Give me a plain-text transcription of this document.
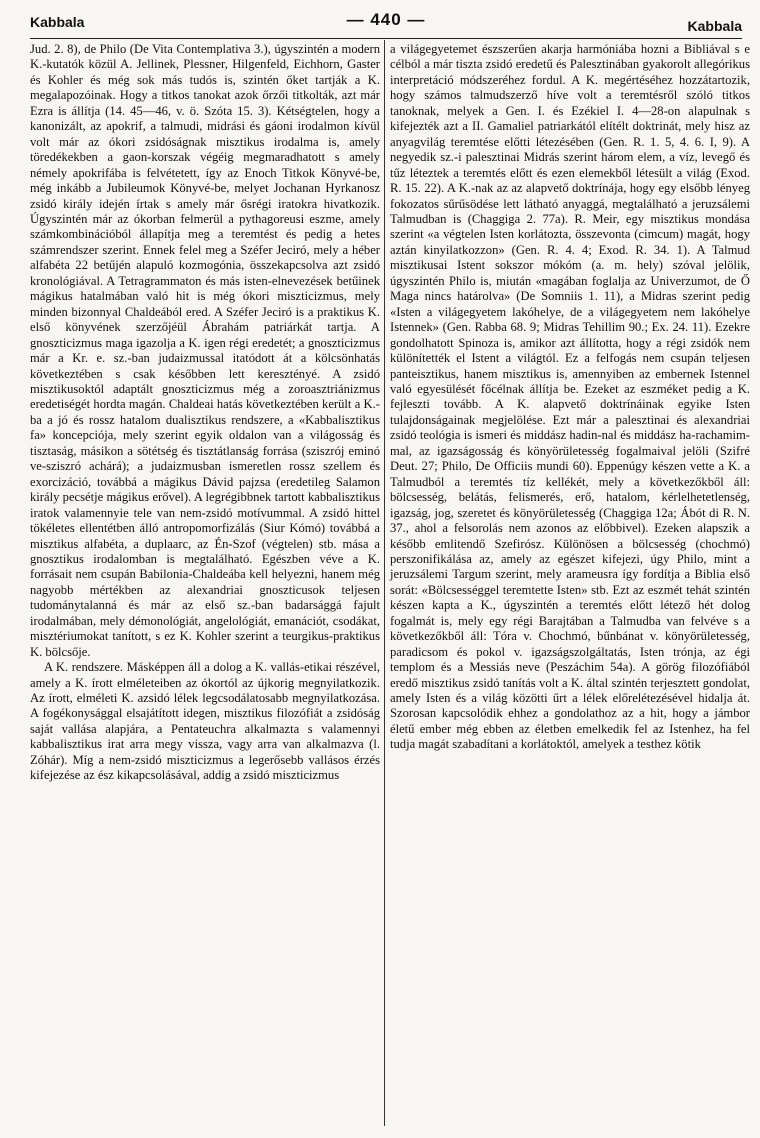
Kabbala	— 440 —	Kabbala

Jud. 2. 8), de Philo (De Vita Contemplativa 3.), úgyszintén a modern K.-kutatók közül A. Jellinek, Plessner, Hilgenfeld, Eichhorn, Gaster és Kohler és még sok más tudós is, szintén őket tartják a K. megalapozóinak. Hogy a titkos tanokat azok őrzői titkolták, azt már Ezra is állítja (14. 45—46, v. ö. Szóta 15. 3). Kétségtelen, hogy a kanonizált, az apokrif, a talmudi, midrási és gáoni irodalmon kívül volt már az ókori zsidóságnak misztikus irodalma is, amely töredékekben a gaon-korszak végéig megmaradhatott s amely némely apokrifába is felvétetett, így az Enoch Titkok Könyvé-be, még inkább a Jubileumok Könyvé-be, melyet Jochanan Hyrkanosz zsidó király idején írtak s amely már ősrégi iratokra hivatkozik. Úgyszintén már az ókorban felmerül a pythagoreusi eszme, amely számkombinációból állapítja meg a teremtést és pedig a hetes számrendszer szerint. Ennek felel meg a Széfer Jeciró, mely a héber alfabéta 22 betűjén alapuló kozmogónia, összekapcsolva azt zsidó kronológiával. A Tetragrammaton és más isten-elnevezések betűinek mágikus hatalmában való hit is még ókori miszticizmus, mely minden bizonnyal Chaldeából ered. A Széfer Jeciró is a praktikus K. első könyvének szerzőjéül Ábrahám patriárkát tartja. A gnoszticizmus maga igazolja a K. igen régi eredetét; a gnoszticizmus már a Kr. e. sz.-ban judaizmussal itatódott át a kölcsönhatás következtében s csak későbben lett keresztényé. A zsidó misztikusoktól adaptált gnoszticizmus még a zoroasztriánizmus eredetiségét hordta magán. Chaldeai hatás következtében került a K.-ba a jó és rossz hatalom dualisztikus rendszere, a «Kabbalisztikus fa» koncepciója, mely szerint egyik oldalon van a világosság és tisztaság, másikon a sötétség és tisztátlanság forrása (sziszrój eminó ve-sziszró achárá); a judaizmusban ismeretlen rossz szellem és exorcizáció, továbbá a mágikus Dávid pajzsa (eredetileg Salamon király pecsétje mágikus erővel). A legrégibbnek tartott kabbalisztikus iratok valamennyie tele van nem-zsidó motívummal. A zsidó hittel tökéletes ellentétben álló antropomorfizálás (Siur Kómó) továbbá a misztikus alfabéta, a duplaarc, az Én-Szof (végtelen) stb. mása a gnosztikus irodalomban is megtalálható. Egészben véve a K. forrásait nem csupán Babilonia-Chaldeába kell helyezni, hanem még nagyobb mértékben az alexandriai gnoszticusok teljesen tudománytalanná és már az első sz.-ban badarsággá fajult irodalmában, mely démonológiát, angelológiát, emanációt, csodákat, misztériumokat tanított, s ez K. Kohler szerint a teurgikus-praktikus K. bölcsője.

A K. rendszere. Másképpen áll a dolog a K. vallás-etikai részével, amely a K. írott elméleteiben az ókortól az újkorig megnyilatkozik. Az írott, elméleti K. azsidó lélek legcsodálatosabb megnyilatkozása. A fogékonysággal elsajátított idegen, misztikus filozófiát a zsidóság saját vallása alapjára, a Pentateuchra alkalmazta s valamennyi kabbalisztikus irat arra megy vissza, vagy arra van alkalmazva (l. Zóhár). Míg a nem-zsidó miszticizmus a legerősebb vallásos érzés kifejezése az ész kikapcsolásával, addig a zsidó miszticizmus

a világegyetemet észszerűen akarja harmóniába hozni a Bibliával s e célból a már tiszta zsidó eredetű és Palesztinában gyakorolt allegórikus interpretáció módszeréhez fordul. A K. megértéséhez hozzátartozik, hogy számos talmudszerző híve volt a teremtésről szóló titkos tanoknak, melyek a Gen. I. és Ezékiel I. 4—28-on alapulnak s kifejezték azt a II. Gamaliel patriarkától elítélt doktrinát, mely hisz az anyagvilág teremtése előtti létezésében (Gen. R. 1. 5, 4. 6. I, 9). A negyedik sz.-i palesztinai Midrás szerint három elem, a víz, levegő és tűz léteztek a teremtés előtt és ezen elemekből létesült a világ (Exod. R. 15. 22). A K.-nak az az alapvető doktrínája, hogy egy elsőbb lényeg fokozatos sűrűsödése lett látható anyaggá, megtalálható a jeruzsálemi Talmudban is (Chaggiga 2. 77a). R. Meir, egy misztikus mondása szerint «a végtelen Isten korlátozta, összevonta (cimcum) magát, hogy aztán kinyilatkozzon» (Gen. R. 4. 4; Exod. R. 34. 1). A Talmud misztikusai Istent sokszor mókóm (a. m. hely) szóval jelölik, úgyszintén Philo is, miután «magában foglalja az Univerzumot, de Ő Maga nincs határolva» (De Somniis 1. 11), a Midras szerint pedig «Isten a világegyetem lakóhelye, de a világegyetem nem lakóhelye Istennek» (Gen. Rabba 68. 9; Midras Tehillim 90.; Ex. 24. 11). Ezekre gondolhatott Spinoza is, amikor azt állította, hogy a régi zsidók nem különítették el Istent a világtól. Ez a felfogás nem csupán teljesen panteisztikus, hanem misztikus is, amennyiben az embernek Istennel való egyesülését főcélnak állítja be. Ezeket az eszméket pedig a K. fejleszti tovább. A K. alapvető doktrínáinak egyike Isten tulajdonságainak megjelölése. Ezt már a palesztinai és alexandriai zsidó teológia is ismeri és middász hadin-nal és middász ha-rachamim-mal, az igazságosság és könyörületesség fogalmaival jelöli (Szifré Deut. 27; Philo, De Officiis mundi 60). Eppenúgy készen vette a K. a Talmudból a teremtés tíz kellékét, mely a következőkből áll: bölcsesség, belátás, felismerés, erő, hatalom, kérlelhetetlenség, igazság, jog, szeretet és könyörületesség (Chaggiga 12a; Ábót di R. N. 37., ahol a felsorolás nem azonos az előbbivel). Ezeken alapszik a később emlitendő Szefirósz. Különösen a bölcsesség (chochmó) perszonifikálása az, amely az egészet kifejezi, úgy Philo, mint a jeruzsálemi Targum szerint, mely arameusra így fordítja a Biblia első sorát: «Bölcsességgel teremtette Isten» stb. Ezt az eszmét tehát szintén készen kapta a K., úgyszintén a teremtés előtt létező hét dolog fogalmát is, mely egy régi Barajtában a Talmudba van felvéve s a következőkből áll: Tóra v. Chochmó, bűnbánat v. könyörületesség, paradicsom és pokol v. igazságszolgáltatás, Isten trónja, az égi templom és a Messiás neve (Peszáchim 54a). A görög filozófiából eredő misztikus zsidó tanítás volt a K. által szintén terjesztett gondolat, amely Isten és a világ közötti űrt a lélek előrelétezésével hidalja át. Szorosan kapcsolódik ehhez a gondolathoz az a hit, hogy a jámbor életű ember még ebben az életben emelkedik fel az Istenhez, ha fel tudja magát szabadítani a korlátoktól, amelyek a testhez kötik
